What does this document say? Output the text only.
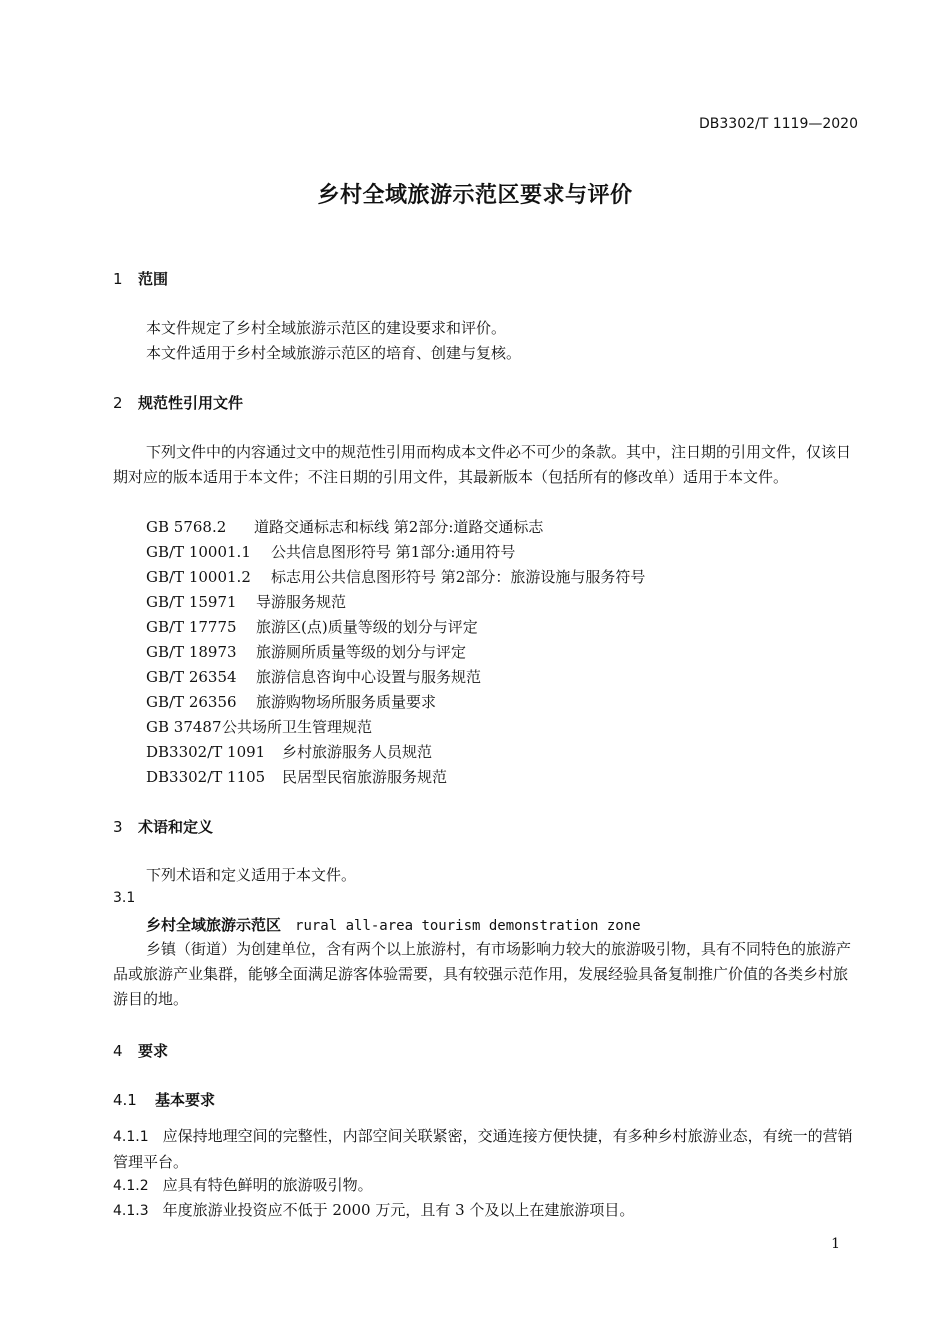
DB3302/T 1119—2020
乡村全域旅游示范区要求与评价
1 范围
本文件规定了乡村全域旅游示范区的建设要求和评价。
本文件适用于乡村全域旅游示范区的培育、创建与复核。
2 规范性引用文件
下列文件中的内容通过文中的规范性引用而构成本文件必不可少的条款。其中，注日期的引用文件，仅该日期对应的版本适用于本文件；不注日期的引用文件，其最新版本（包括所有的修改单）适用于本文件。
GB 5768.2 道路交通标志和标线 第2部分:道路交通标志
GB/T 10001.1 公共信息图形符号 第1部分:通用符号
GB/T 10001.2 标志用公共信息图形符号 第2部分：旅游设施与服务符号
GB/T 15971 导游服务规范
GB/T 17775 旅游区(点)质量等级的划分与评定
GB/T 18973 旅游厕所质量等级的划分与评定
GB/T 26354 旅游信息咨询中心设置与服务规范
GB/T 26356 旅游购物场所服务质量要求
GB 37487公共场所卫生管理规范
DB3302/T 1091 乡村旅游服务人员规范
DB3302/T 1105 民居型民宿旅游服务规范
3 术语和定义
下列术语和定义适用于本文件。
3.1
乡村全域旅游示范区 rural all-area tourism demonstration zone
乡镇（街道）为创建单位，含有两个以上旅游村，有市场影响力较大的旅游吸引物，具有不同特色的旅游产品或旅游产业集群，能够全面满足游客体验需要，具有较强示范作用，发展经验具备复制推广价值的各类乡村旅游目的地。
4 要求
4.1 基本要求
4.1.1 应保持地理空间的完整性，内部空间关联紧密，交通连接方便快捷，有多种乡村旅游业态，有统一的营销管理平台。
4.1.2 应具有特色鲜明的旅游吸引物。
4.1.3 年度旅游业投资应不低于 2000 万元，且有 3 个及以上在建旅游项目。
1
